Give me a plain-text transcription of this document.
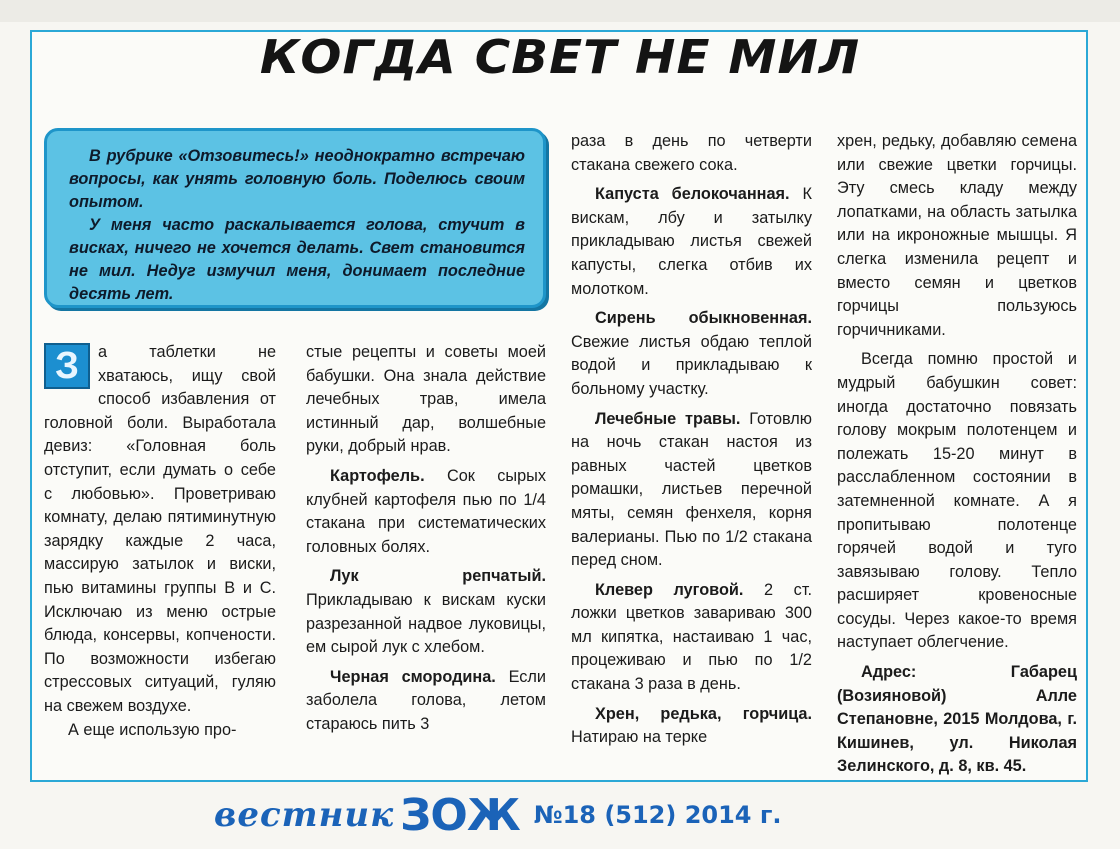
КОГДА СВЕТ НЕ МИЛ

В рубрике «Отзовитесь!» неоднократно встречаю вопросы, как унять головную боль. Поделюсь своим опытом.

У меня часто раскалывается голова, стучит в висках, ничего не хочется делать. Свет становится не мил. Недуг измучил меня, донимает последние десять лет.

З	а таблетки не хватаюсь, ищу свой способ избавления от головной боли. Выработала девиз: «Головная боль отступит, если думать о себе с любовью». Проветриваю комнату, делаю пятиминутную зарядку каждые 2 часа, массирую затылок и виски, пью витамины группы В и С. Исключаю из меню острые блюда, консервы, копчености. По возможности избегаю стрессовых ситуаций, гуляю на свежем воздухе.

А еще использую про-

стые рецепты и советы моей бабушки. Она знала действие лечебных трав, имела истинный дар, волшебные руки, добрый нрав.

Картофель. Сок сырых клубней картофеля пью по 1/4 стакана при систематических головных болях.

Лук репчатый. Прикладываю к вискам куски разрезанной надвое луковицы, ем сырой лук с хлебом.

Черная смородина. Если заболела голова, летом стараюсь пить 3

раза в день по четверти стакана свежего сока.

Капуста белокочанная. К вискам, лбу и затылку прикладываю листья свежей капусты, слегка отбив их молотком.

Сирень обыкновенная. Свежие листья обдаю теплой водой и прикладываю к больному участку.

Лечебные травы. Готовлю на ночь стакан настоя из равных частей цветков ромашки, листьев перечной мяты, семян фенхеля, корня валерианы. Пью по 1/2 стакана перед сном.

Клевер луговой. 2 ст. ложки цветков завариваю 300 мл кипятка, настаиваю 1 час, процеживаю и пью по 1/2 стакана 3 раза в день.

Хрен, редька, горчица. Натираю на терке

хрен, редьку, добавляю семена или свежие цветки горчицы. Эту смесь кладу между лопатками, на область затылка или на икроножные мышцы. Я слегка изменила рецепт и вместо семян и цветков горчицы пользуюсь горчичниками.

Всегда помню простой и мудрый бабушкин совет: иногда достаточно повязать голову мокрым полотенцем и полежать 15-20 минут в расслабленном состоянии в затемненной комнате. А я пропитываю полотенце горячей водой и туго завязываю голову. Тепло расширяет кровеносные сосуды. Через какое-то время наступает облегчение.

Адрес: Габарец (Возияновой) Алле Степановне, 2015 Молдова, г. Кишинев, ул. Николая Зелинского, д. 8, кв. 45.

вестник ЗОЖ №18 (512) 2014 г.
